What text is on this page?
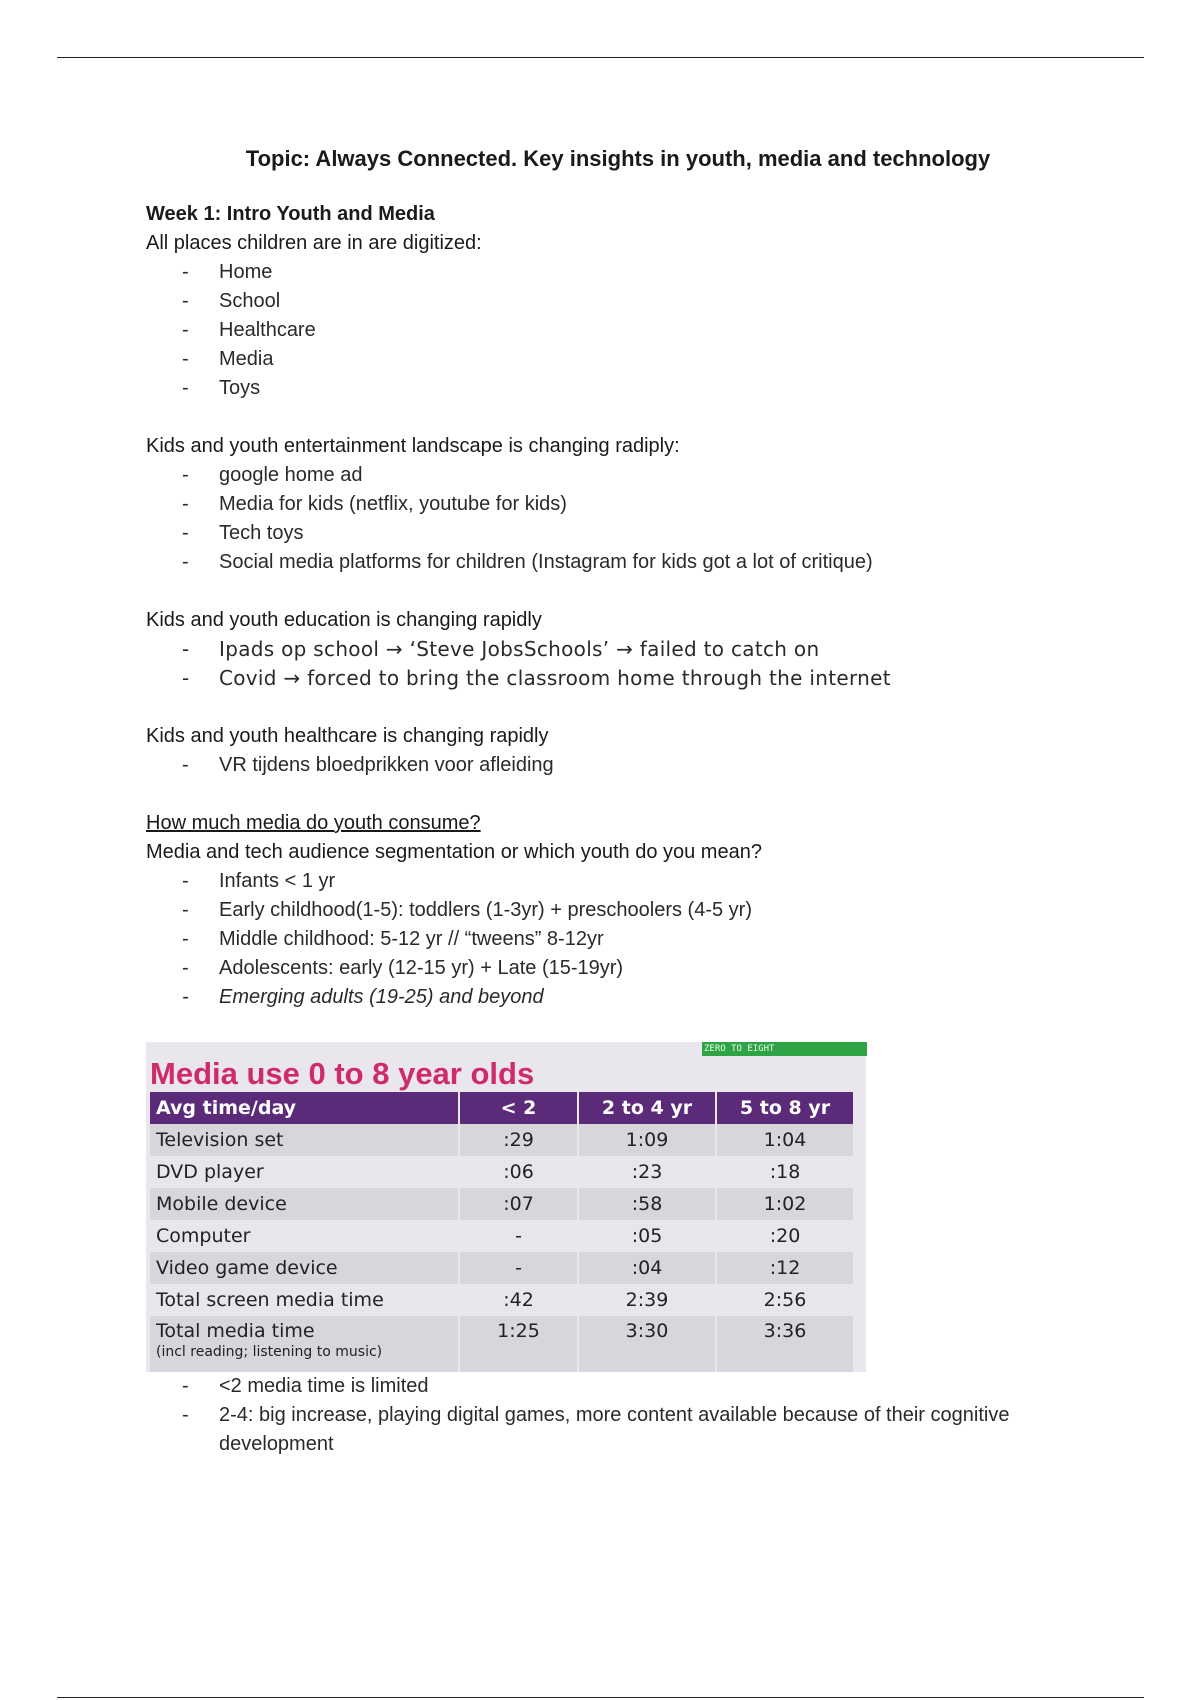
Topic: Always Connected. Key insights in youth, media and technology
Week 1: Intro Youth and Media
All places children are in are digitized:
- Home
- School
- Healthcare
- Media
- Toys
Kids and youth entertainment landscape is changing radiply:
- google home ad
- Media for kids (netflix, youtube for kids)
- Tech toys
- Social media platforms for children (Instagram for kids got a lot of critique)
Kids and youth education is changing rapidly
- Ipads op school → ‘Steve JobsSchools’ → failed to catch on
- Covid → forced to bring the classroom home through the internet
Kids and youth healthcare is changing rapidly
- VR tijdens bloedprikken voor afleiding
How much media do youth consume?
Media and tech audience segmentation or which youth do you mean?
- Infants < 1 yr
- Early childhood(1-5): toddlers (1-3yr) + preschoolers (4-5 yr)
- Middle childhood: 5-12 yr // “tweens” 8-12yr
- Adolescents: early (12-15 yr) + Late (15-19yr)
- Emerging adults (19-25) and beyond
ZERO TO EIGHT
Media use 0 to 8 year olds
Avg time/day	< 2	2 to 4 yr	5 to 8 yr
Television set	:29	1:09	1:04
DVD player	:06	:23	:18
Mobile device	:07	:58	1:02
Computer	-	:05	:20
Video game device	-	:04	:12
Total screen media time	:42	2:39	2:56
Total media time
(incl reading; listening to music)	1:25	3:30	3:36
- <2 media time is limited
- 2-4: big increase, playing digital games, more content available because of their cognitive development
